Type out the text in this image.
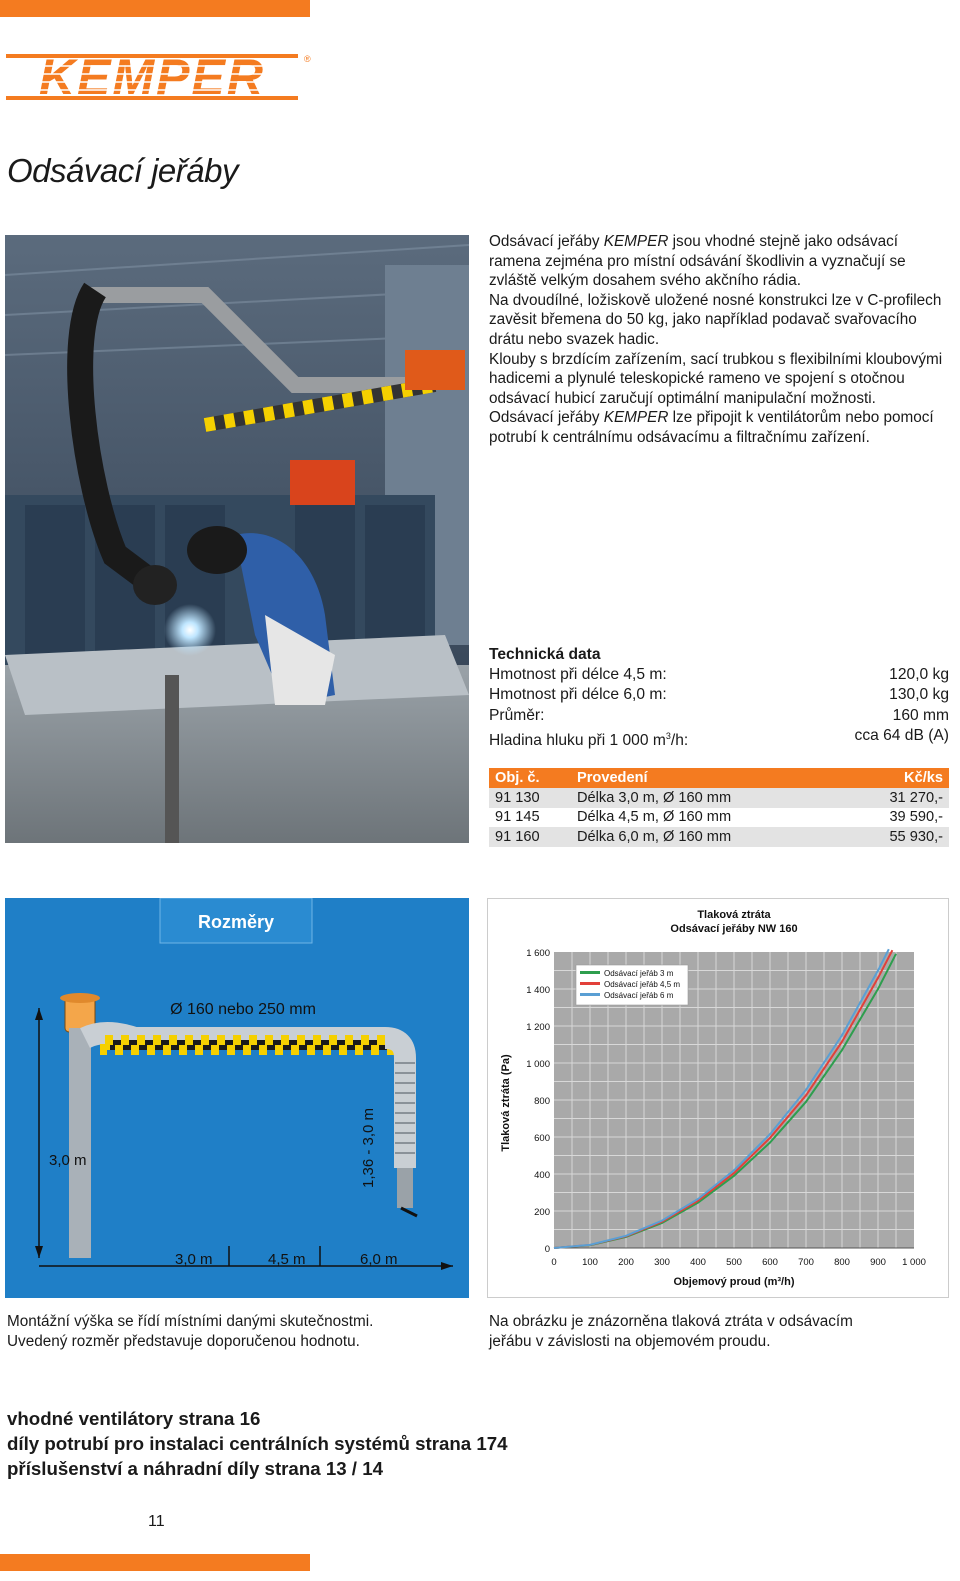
KEMPER	®
Odsávací jeřáby

Odsávací jeřáby KEMPER jsou vhodné stejně jako odsávací ramena zejména pro místní odsávání škodlivin a vyznačují se zvláště velkým dosahem svého akčního rádia.

Na dvoudílné, ložiskově uložené nosné konstrukci lze v C-profilech zavěsit břemena do 50 kg, jako například podavač svařovacího drátu nebo svazek hadic.

Klouby s brzdícím zařízením, sací trubkou s flexibilními kloubovými hadicemi a plynulé teleskopické rameno ve spojení s otočnou odsávací hubicí zaručují optimální manipulační možnosti.

Odsávací jeřáby KEMPER lze připojit k ventilátorům nebo pomocí potrubí k centrálnímu odsávacímu a filtračnímu zařízení.

Technická data
Hmotnost při délce 4,5 m:	120,0 kg
Hmotnost při délce 6,0 m:	130,0 kg
Průměr:	160 mm
Hladina hluku při 1 000 $m^3/h$:	cca 64 dB (A)
Obj. č.	Provedení	Kč/ks
91 130	Délka 3,0 m, Ø 160 mm	31 270,-
91 145	Délka 4,5 m, Ø 160 mm	39 590,-
91 160	Délka 6,0 m, Ø 160 mm	55 930,-
Rozměry
Ø 160 nebo 250 mm
3,0 m	1,36 - 3,0 m
3,0 m	4,5 m	6,0 m
Tlaková ztráta
Odsávací jeřáby NW 160
0
200
400
600
800
1 000
1 200
1 400
1 600
0	100 200 300 400 500 600 700 800 900 1 000
Odsávací jeřáb 3 m
Odsávací jeřáb 4,5 m
Odsávací jeřáb 6 m
Tlaková ztráta (Pa)
Objemový proud (m³/h)
Montážní výška se řídí místními danými skutečnostmi.
Uvedený rozměr představuje doporučenou hodnotu.
Na obrázku je znázorněna tlaková ztráta v odsávacím
jeřábu v závislosti na objemovém proudu.
vhodné ventilátory strana 16
díly potrubí pro instalaci centrálních systémů strana 174
příslušenství a náhradní díly strana 13 / 14
11
